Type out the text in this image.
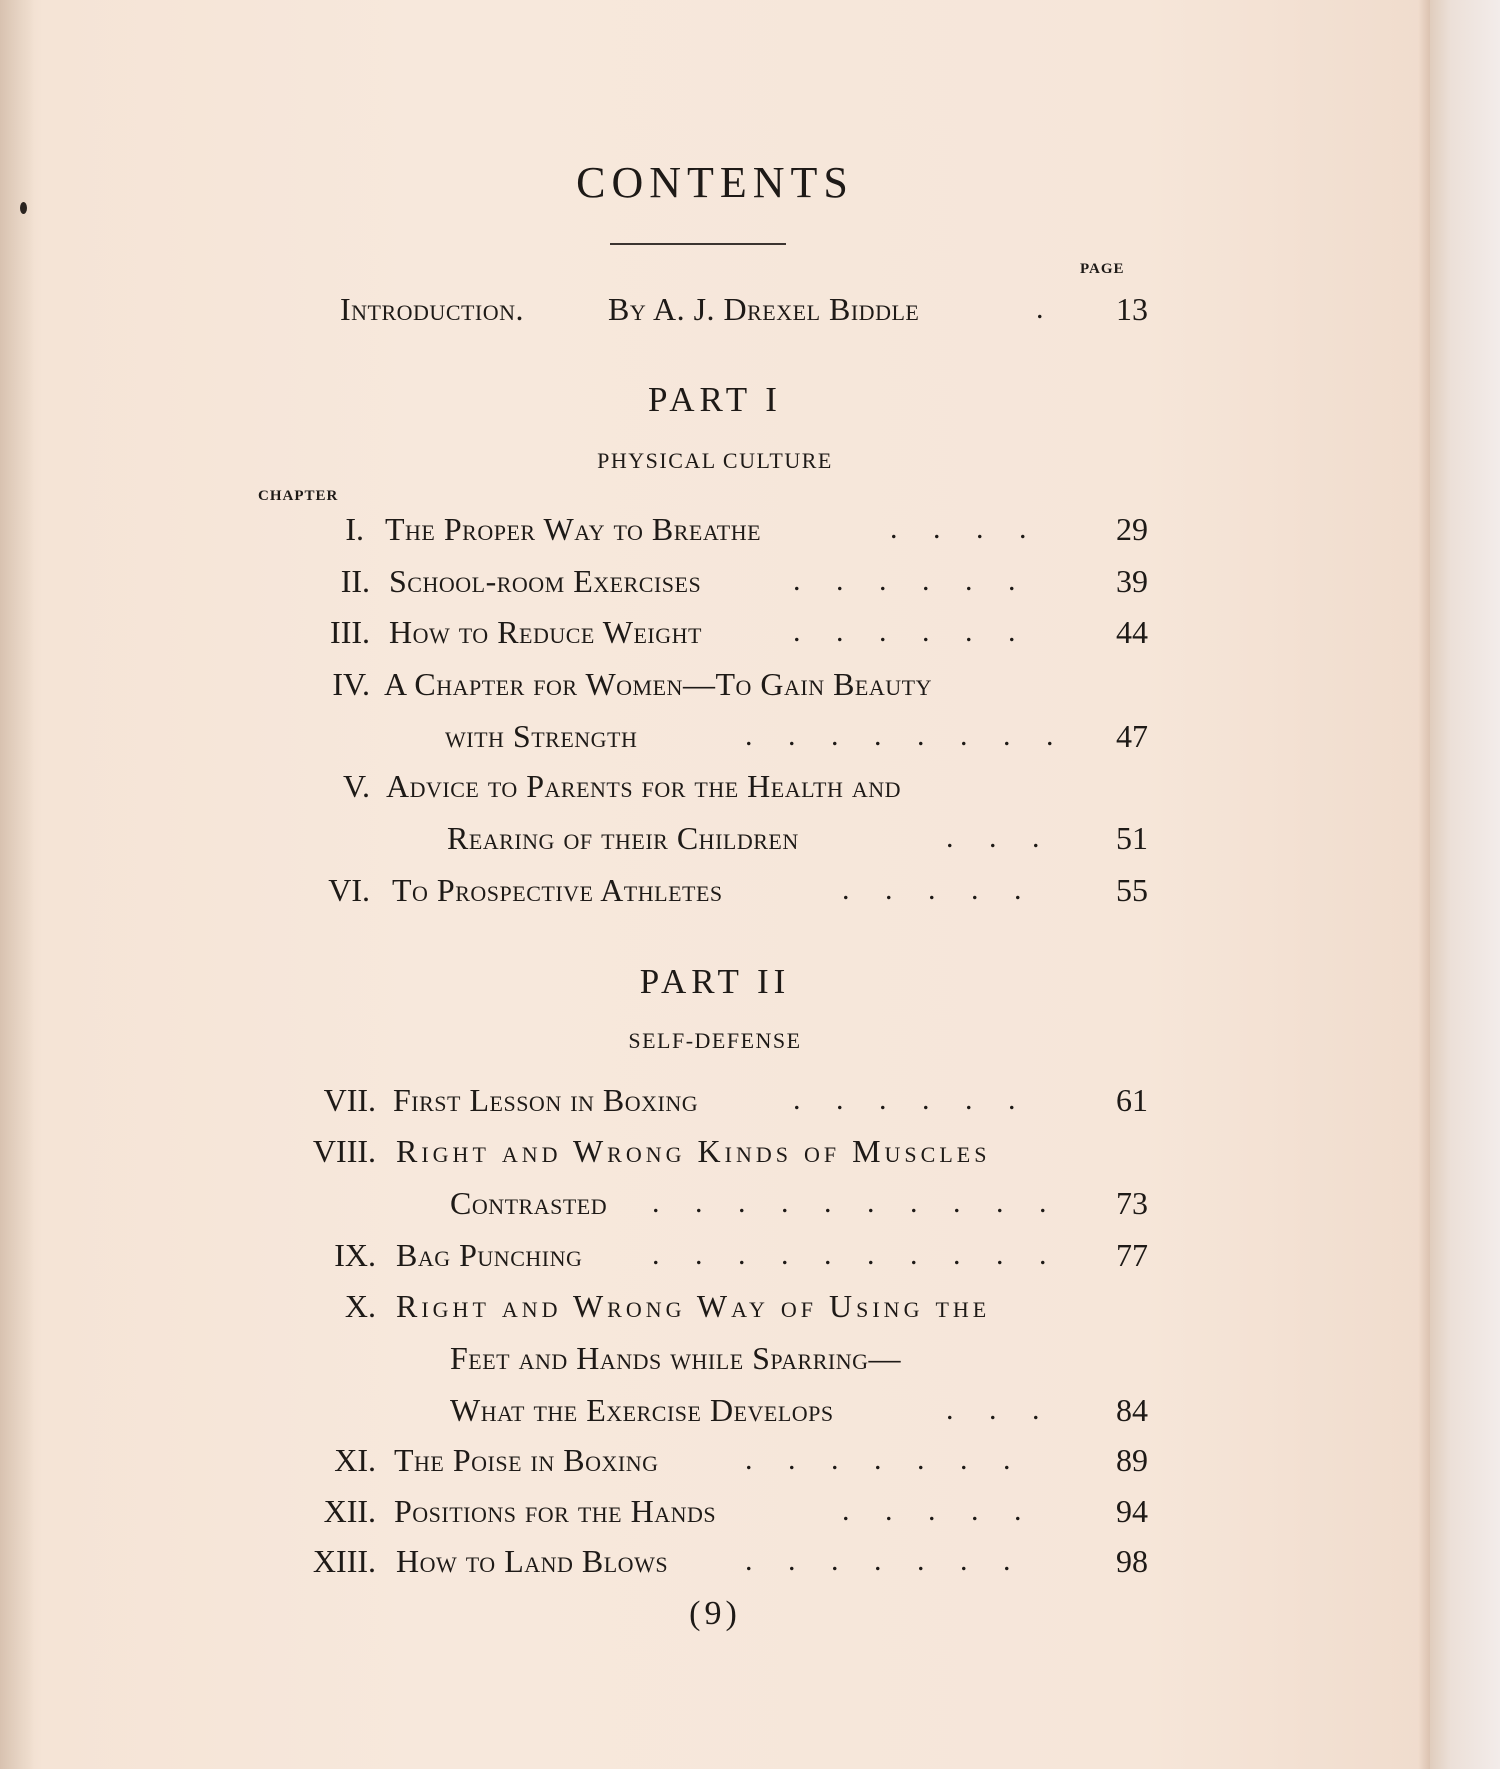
CONTENTS
PAGE
Introduction.	By A. J. Drexel Biddle	.	13
PART I
PHYSICAL CULTURE
CHAPTER
I. The Proper Way to Breathe	. . . .	29
II. School-room Exercises	. . . . . .	39
III. How to Reduce Weight	. . . . . .	44
IV. A Chapter for Women—To Gain Beauty
with Strength	. . . . . . . .	47
V. Advice to Parents for the Health and
Rearing of their Children	. . .	51
VI. To Prospective Athletes	. . . . .	55
PART II
SELF-DEFENSE
VII. First Lesson in Boxing	. . . . . .	61
VIII. Right and Wrong Kinds of Muscles
Contrasted . . . . . . . . . .	73
IX. Bag Punching . . . . . . . . . .	77
X. Right and Wrong Way of Using the
Feet and Hands while Sparring—
What the Exercise Develops	. . .	84
XI. The Poise in Boxing	. . . . . . .	89
XII. Positions for the Hands	. . . . .	94
XIII. How to Land Blows	. . . . . . .	98
(9)
